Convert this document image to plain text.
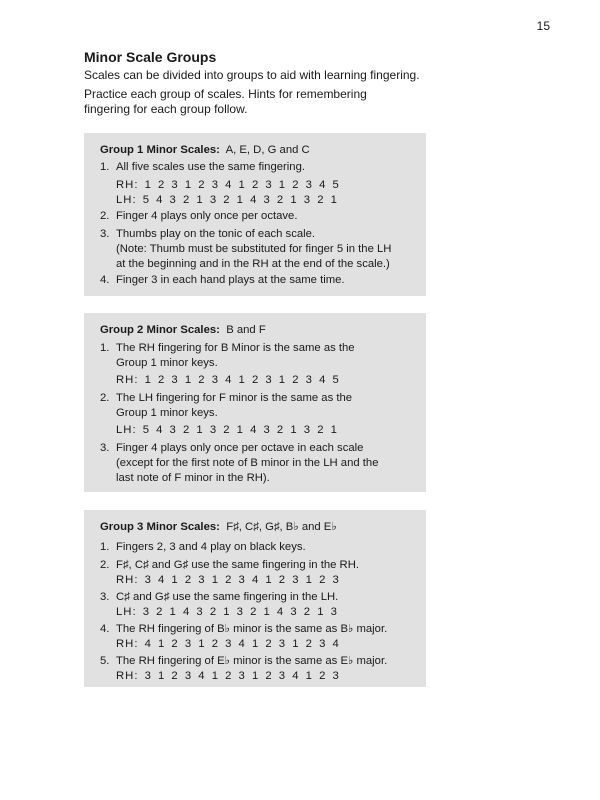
15
Minor Scale Groups
Scales can be divided into groups to aid with learning fingering.
Practice each group of scales. Hints for remembering fingering for each group follow.
Group 1 Minor Scales: A, E, D, G and C
1. All five scales use the same fingering.
RH: 1 2 3 1 2 3 4 1 2 3 1 2 3 4 5
LH: 5 4 3 2 1 3 2 1 4 3 2 1 3 2 1
2. Finger 4 plays only once per octave.
3. Thumbs play on the tonic of each scale.
(Note: Thumb must be substituted for finger 5 in the LH
at the beginning and in the RH at the end of the scale.)
4. Finger 3 in each hand plays at the same time.
Group 2 Minor Scales: B and F
1. The RH fingering for B Minor is the same as the
Group 1 minor keys.
RH: 1 2 3 1 2 3 4 1 2 3 1 2 3 4 5
2. The LH fingering for F minor is the same as the
Group 1 minor keys.
LH: 5 4 3 2 1 3 2 1 4 3 2 1 3 2 1
3. Finger 4 plays only once per octave in each scale
(except for the first note of B minor in the LH and the
last note of F minor in the RH).
Group 3 Minor Scales: F♯, C♯, G♯, B♭ and E♭
1. Fingers 2, 3 and 4 play on black keys.
2. F♯, C♯ and G♯ use the same fingering in the RH.
RH: 3 4 1 2 3 1 2 3 4 1 2 3 1 2 3
3. C♯ and G♯ use the same fingering in the LH.
LH: 3 2 1 4 3 2 1 3 2 1 4 3 2 1 3
4. The RH fingering of B♭ minor is the same as B♭ major.
RH: 4 1 2 3 1 2 3 4 1 2 3 1 2 3 4
5. The RH fingering of E♭ minor is the same as E♭ major.
RH: 3 1 2 3 4 1 2 3 1 2 3 4 1 2 3
